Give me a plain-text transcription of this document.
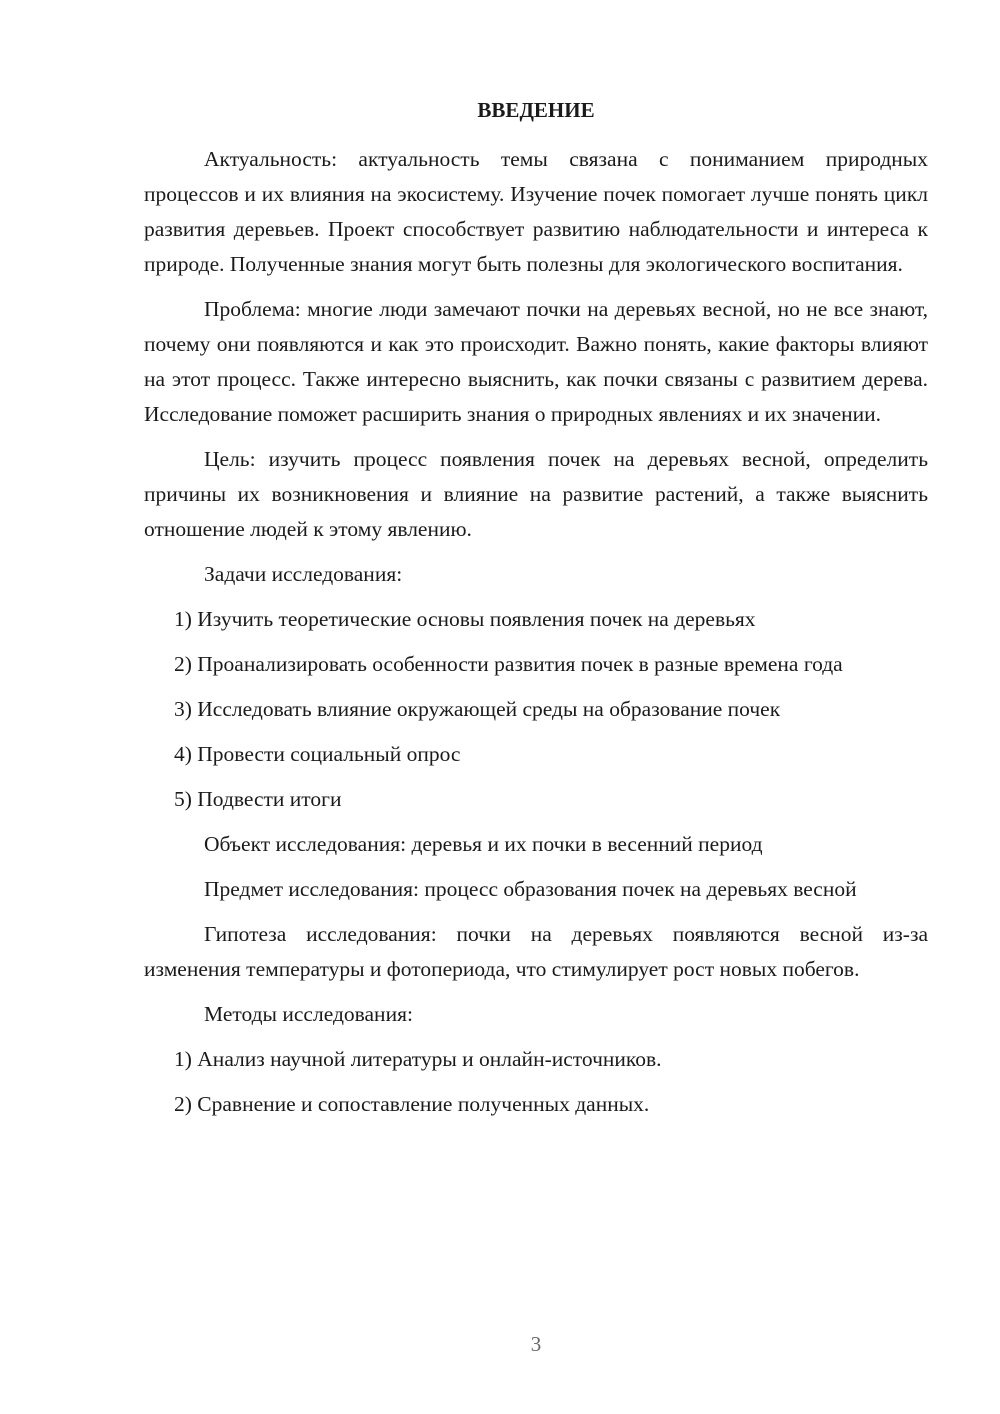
ВВЕДЕНИЕ

Актуальность: актуальность темы связана с пониманием природных процессов и их влияния на экосистему. Изучение почек помогает лучше понять цикл развития деревьев. Проект способствует развитию наблюдательности и интереса к природе. Полученные знания могут быть полезны для экологического воспитания.

Проблема: многие люди замечают почки на деревьях весной, но не все знают, почему они появляются и как это происходит. Важно понять, какие факторы влияют на этот процесс. Также интересно выяснить, как почки связаны с развитием дерева. Исследование поможет расширить знания о природных явлениях и их значении.

Цель: изучить процесс появления почек на деревьях весной, определить причины их возникновения и влияние на развитие растений, а также выяснить отношение людей к этому явлению.

Задачи исследования:

1) Изучить теоретические основы появления почек на деревьях

2) Проанализировать особенности развития почек в разные времена года

3) Исследовать влияние окружающей среды на образование почек

4) Провести социальный опрос

5) Подвести итоги

Объект исследования: деревья и их почки в весенний период

Предмет исследования: процесс образования почек на деревьях весной

Гипотеза исследования: почки на деревьях появляются весной из-за изменения температуры и фотопериода, что стимулирует рост новых побегов.

Методы исследования:

1) Анализ научной литературы и онлайн-источников.

2) Сравнение и сопоставление полученных данных.

3
